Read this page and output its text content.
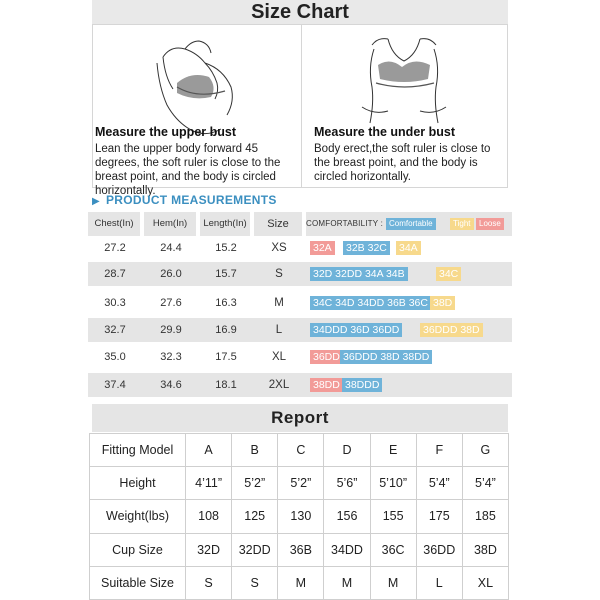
Size Chart
Measure the upper bust
Lean the upper body forward 45 degrees, the soft ruler is close to the breast point, and the body is circled horizontally.
Measure the under bust
Body erect,the soft ruler is close to the breast point, and the body is circled horizontally.
▶ PRODUCT MEASUREMENTS
Chest(In)	Hem(In)	Length(In)	Size	COMFORTABILITY : Comfortable	Tight	Loose
27.2	24.4	15.2	XS	32A 32B 32C 34A
28.7	26.0	15.7	S	32D 32DD 34A 34B	34C
30.3	27.6	16.3	M	34C 34D 34DD 36B 36C 38D
32.7	29.9	16.9	L	34DDD 36D 36DD 36DDD 38D
35.0	32.3	17.5	XL	36DD 36DDD 38D 38DD
37.4	34.6	18.1	2XL	38DD 38DDD
Report
Fitting Model	A	B	C	D	E	F	G
Height	4’11”	5’2”	5’2”	5’6”	5’10”	5’4”	5’4”
Weight(lbs)	108	125	130	156	155	175	185
Cup Size	32D	32DD	36B	34DD	36C	36DD	38D
Suitable Size	S	S	M	M	M	L	XL
